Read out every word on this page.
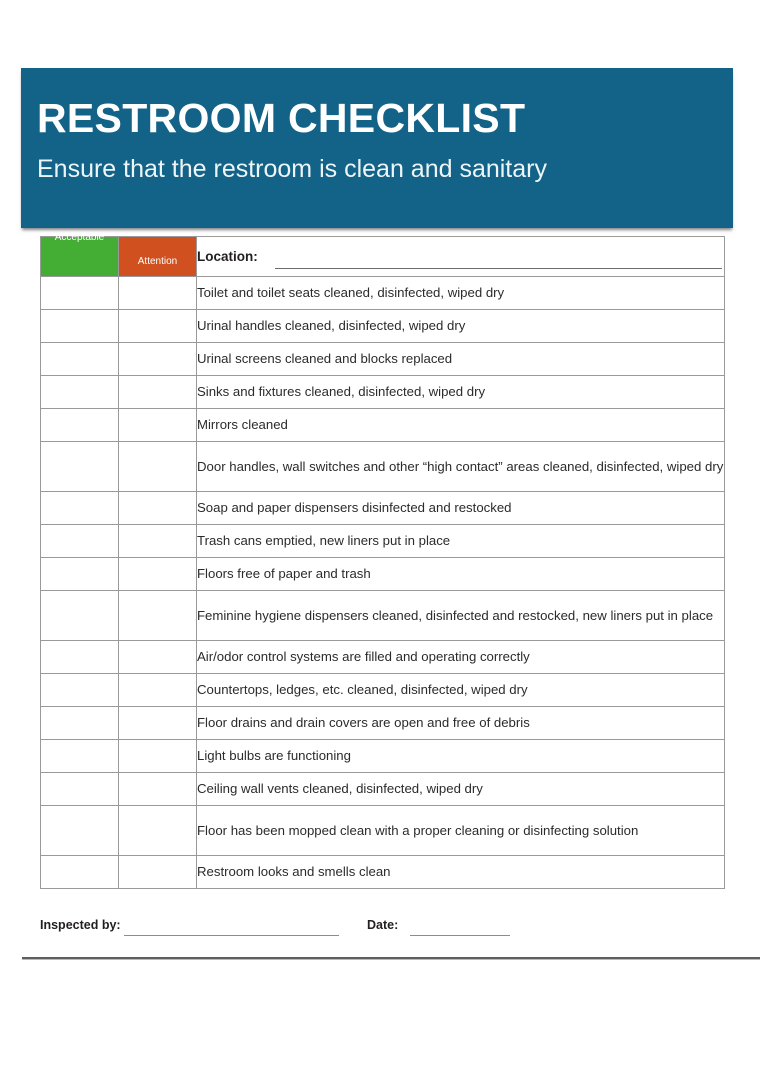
RESTROOM CHECKLIST

Ensure that the restroom is clean and sanitary

Acceptable	Attention	Location:

		Toilet and toilet seats cleaned, disinfected, wiped dry
		Urinal handles cleaned, disinfected, wiped dry
		Urinal screens cleaned and blocks replaced
		Sinks and fixtures cleaned, disinfected, wiped dry
		Mirrors cleaned
		Door handles, wall switches and other “high contact” areas cleaned, disinfected, wiped dry
		Soap and paper dispensers disinfected and restocked
		Trash cans emptied, new liners put in place
		Floors free of paper and trash
		Feminine hygiene dispensers cleaned, disinfected and restocked, new liners put in place
		Air/odor control systems are filled and operating correctly
		Countertops, ledges, etc. cleaned, disinfected, wiped dry
		Floor drains and drain covers are open and free of debris
		Light bulbs are functioning
		Ceiling wall vents cleaned, disinfected, wiped dry
		Floor has been mopped clean with a proper cleaning or disinfecting solution
		Restroom looks and smells clean
Inspected by:	Date:
